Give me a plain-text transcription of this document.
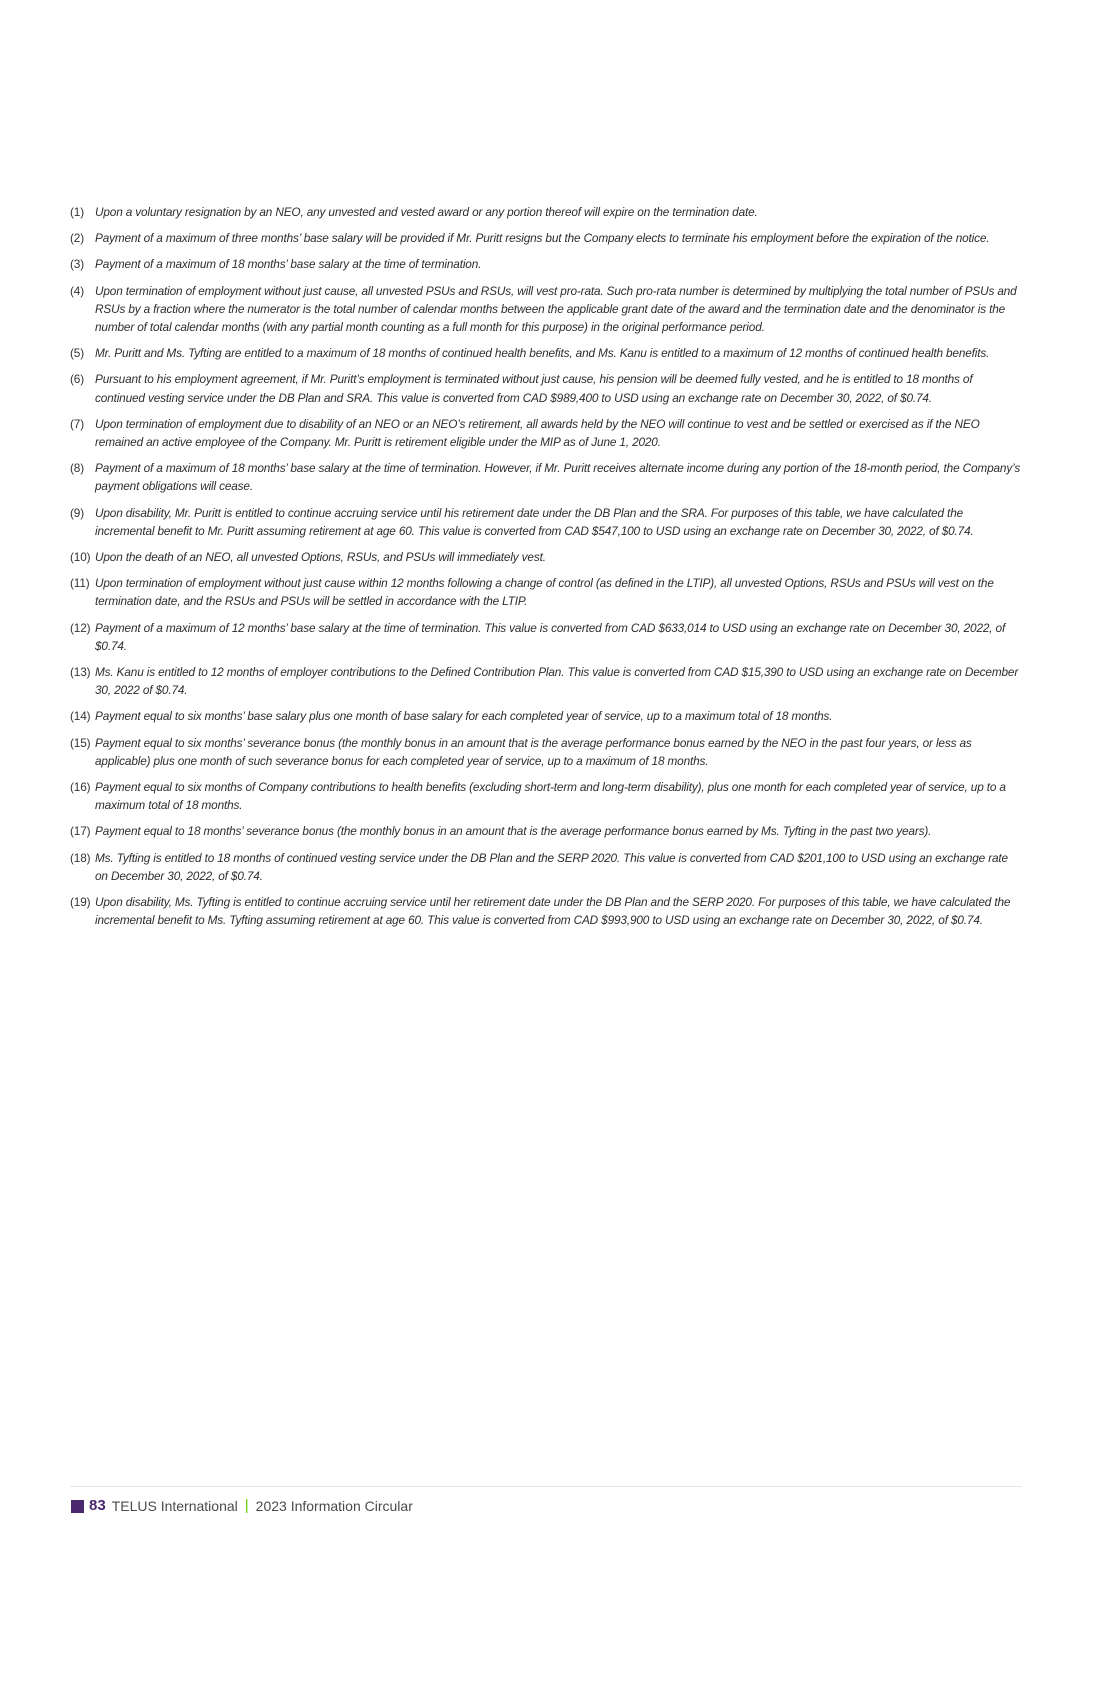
(1) Upon a voluntary resignation by an NEO, any unvested and vested award or any portion thereof will expire on the termination date.
(2) Payment of a maximum of three months’ base salary will be provided if Mr. Puritt resigns but the Company elects to terminate his employment before the expiration of the notice.
(3) Payment of a maximum of 18 months’ base salary at the time of termination.
(4) Upon termination of employment without just cause, all unvested PSUs and RSUs, will vest pro-rata. Such pro-rata number is determined by multiplying the total number of PSUs and RSUs by a fraction where the numerator is the total number of calendar months between the applicable grant date of the award and the termination date and the denominator is the number of total calendar months (with any partial month counting as a full month for this purpose) in the original performance period.
(5) Mr. Puritt and Ms. Tyfting are entitled to a maximum of 18 months of continued health benefits, and Ms. Kanu is entitled to a maximum of 12 months of continued health benefits.
(6) Pursuant to his employment agreement, if Mr. Puritt’s employment is terminated without just cause, his pension will be deemed fully vested, and he is entitled to 18 months of continued vesting service under the DB Plan and SRA. This value is converted from CAD $989,400 to USD using an exchange rate on December 30, 2022, of $0.74.
(7) Upon termination of employment due to disability of an NEO or an NEO’s retirement, all awards held by the NEO will continue to vest and be settled or exercised as if the NEO remained an active employee of the Company. Mr. Puritt is retirement eligible under the MIP as of June 1, 2020.
(8) Payment of a maximum of 18 months’ base salary at the time of termination. However, if Mr. Puritt receives alternate income during any portion of the 18-month period, the Company’s payment obligations will cease.
(9) Upon disability, Mr. Puritt is entitled to continue accruing service until his retirement date under the DB Plan and the SRA. For purposes of this table, we have calculated the incremental benefit to Mr. Puritt assuming retirement at age 60. This value is converted from CAD $547,100 to USD using an exchange rate on December 30, 2022, of $0.74.
(10) Upon the death of an NEO, all unvested Options, RSUs, and PSUs will immediately vest.
(11) Upon termination of employment without just cause within 12 months following a change of control (as defined in the LTIP), all unvested Options, RSUs and PSUs will vest on the termination date, and the RSUs and PSUs will be settled in accordance with the LTIP.
(12) Payment of a maximum of 12 months’ base salary at the time of termination. This value is converted from CAD $633,014 to USD using an exchange rate on December 30, 2022, of $0.74.
(13) Ms. Kanu is entitled to 12 months of employer contributions to the Defined Contribution Plan. This value is converted from CAD $15,390 to USD using an exchange rate on December 30, 2022 of $0.74.
(14) Payment equal to six months’ base salary plus one month of base salary for each completed year of service, up to a maximum total of 18 months.
(15) Payment equal to six months’ severance bonus (the monthly bonus in an amount that is the average performance bonus earned by the NEO in the past four years, or less as applicable) plus one month of such severance bonus for each completed year of service, up to a maximum of 18 months.
(16) Payment equal to six months of Company contributions to health benefits (excluding short-term and long-term disability), plus one month for each completed year of service, up to a maximum total of 18 months.
(17) Payment equal to 18 months’ severance bonus (the monthly bonus in an amount that is the average performance bonus earned by Ms. Tyfting in the past two years).
(18) Ms. Tyfting is entitled to 18 months of continued vesting service under the DB Plan and the SERP 2020. This value is converted from CAD $201,100 to USD using an exchange rate on December 30, 2022, of $0.74.
(19) Upon disability, Ms. Tyfting is entitled to continue accruing service until her retirement date under the DB Plan and the SERP 2020. For purposes of this table, we have calculated the incremental benefit to Ms. Tyfting assuming retirement at age 60. This value is converted from CAD $993,900 to USD using an exchange rate on December 30, 2022, of $0.74.
83 TELUS International | 2023 Information Circular
